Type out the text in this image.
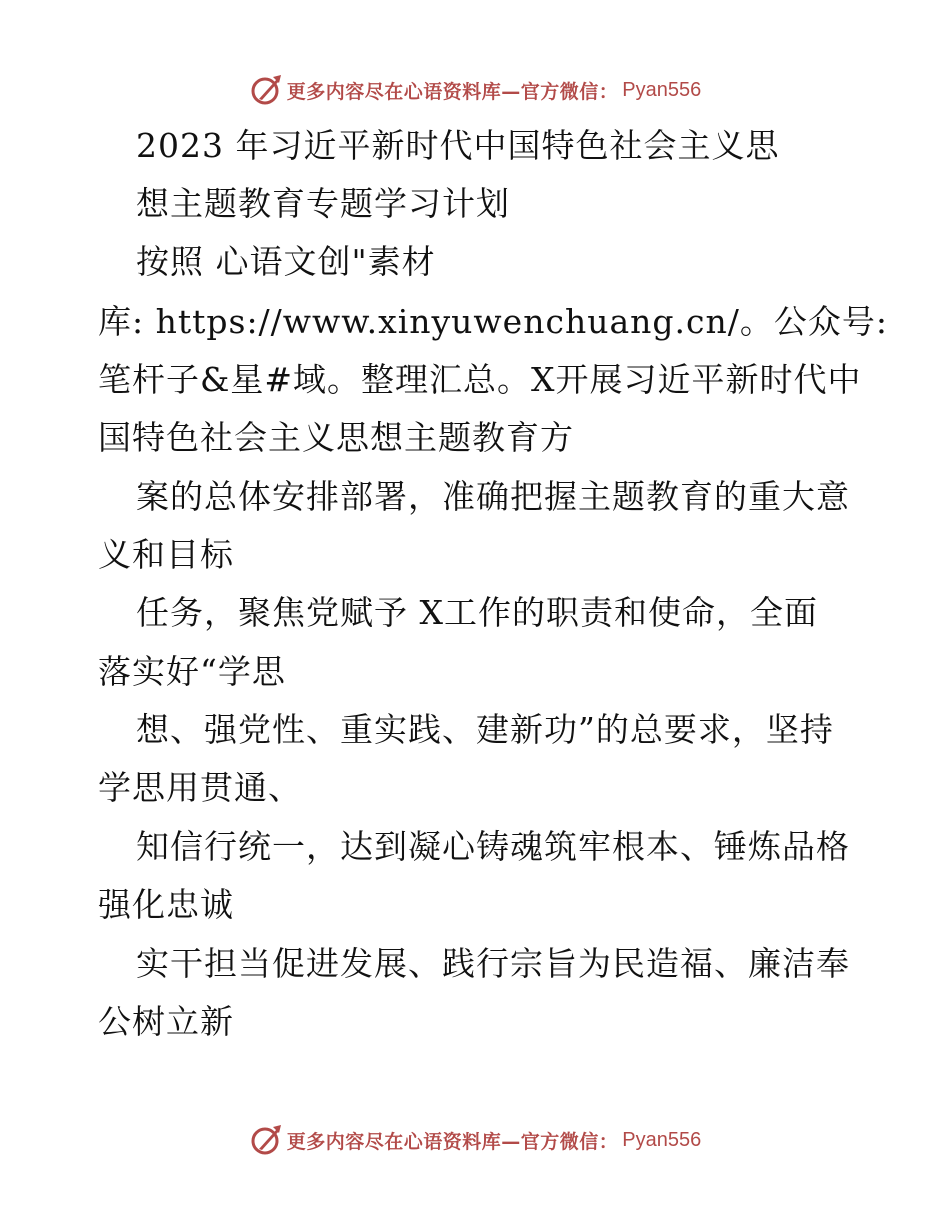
更多内容尽在心语资料库—官方微信： Pyan556
2023 年习近平新时代中国特色社会主义思
想主题教育专题学习计划
按照 心语文创"素材
库: https://www.xinyuwenchuang.cn/。公众号:
笔杆子&星#域。整理汇总。X开展习近平新时代中
国特色社会主义思想主题教育方
案的总体安排部署，准确把握主题教育的重大意
义和目标
任务，聚焦党赋予 X工作的职责和使命，全面
落实好“学思
想、强党性、重实践、建新功”的总要求，坚持
学思用贯通、
知信行统一，达到凝心铸魂筑牢根本、锤炼品格
强化忠诚
实干担当促进发展、践行宗旨为民造福、廉洁奉
公树立新
更多内容尽在心语资料库—官方微信： Pyan556
